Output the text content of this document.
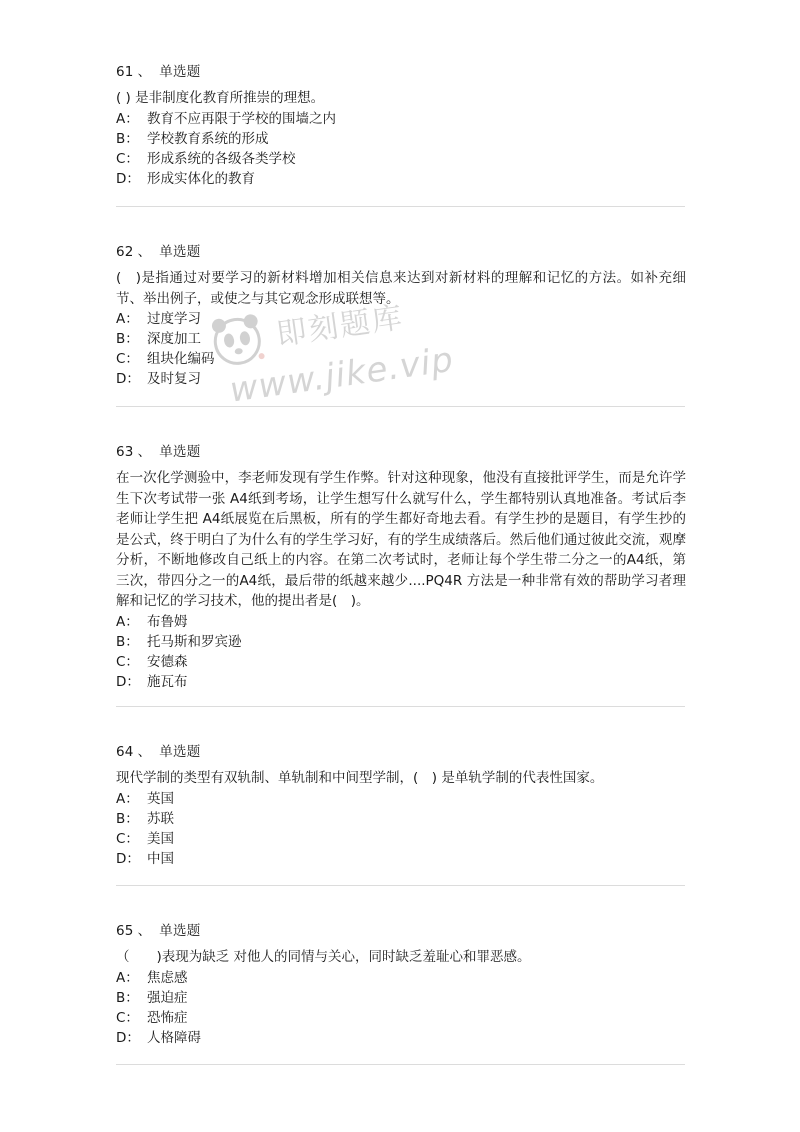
61 、 单选题
( ) 是非制度化教育所推崇的理想。
A： 教育不应再限于学校的围墙之内
B： 学校教育系统的形成
C： 形成系统的各级各类学校
D： 形成实体化的教育
62 、 单选题
(　)是指通过对要学习的新材料增加相关信息来达到对新材料的理解和记忆的方法。如补充细节、举出例子，或使之与其它观念形成联想等。
A： 过度学习
B： 深度加工
C： 组块化编码
D： 及时复习
63 、 单选题
在一次化学测验中，李老师发现有学生作弊。针对这种现象，他没有直接批评学生，而是允许学生下次考试带一张 A4纸到考场，让学生想写什么就写什么，学生都特别认真地准备。考试后李老师让学生把 A4纸展览在后黑板，所有的学生都好奇地去看。有学生抄的是题目，有学生抄的是公式，终于明白了为什么有的学生学习好，有的学生成绩落后。然后他们通过彼此交流，观摩分析，不断地修改自己纸上的内容。在第二次考试时，老师让每个学生带二分之一的A4纸，第三次，带四分之一的A4纸，最后带的纸越来越少....PQ4R 方法是一种非常有效的帮助学习者理解和记忆的学习技术，他的提出者是(　)。
A： 布鲁姆
B： 托马斯和罗宾逊
C： 安德森
D： 施瓦布
64 、 单选题
现代学制的类型有双轨制、单轨制和中间型学制，(　) 是单轨学制的代表性国家。
A： 英国
B： 苏联
C： 美国
D： 中国
65 、 单选题
（　　)表现为缺乏 对他人的同情与关心，同时缺乏羞耻心和罪恶感。
A： 焦虑感
B： 强迫症
C： 恐怖症
D： 人格障碍
即刻题库
www.jike.vip
